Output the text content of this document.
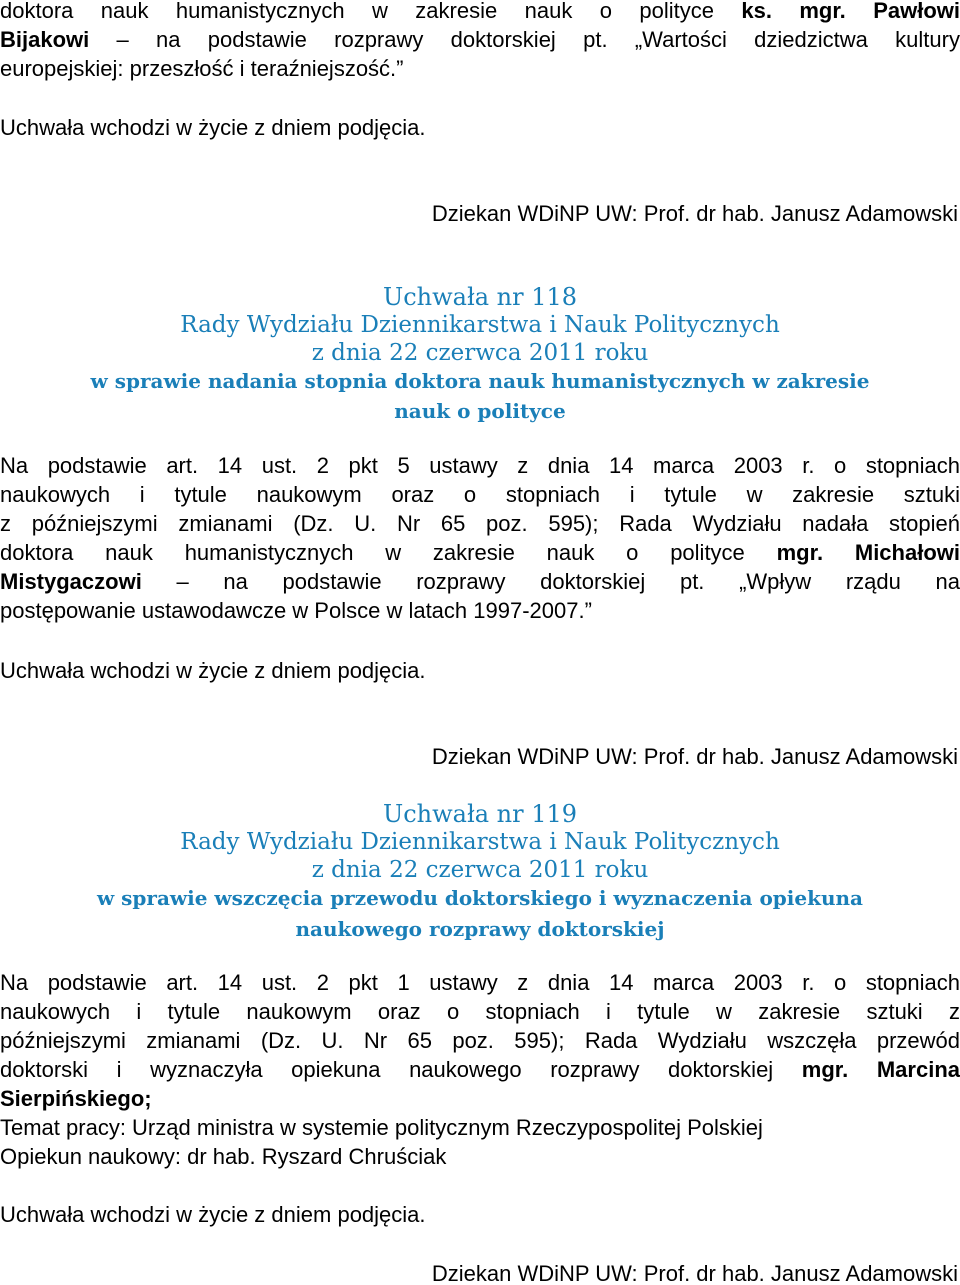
doktora nauk humanistycznych w zakresie nauk o polityce ks. mgr. Pawłowi
Bijakowi – na podstawie rozprawy doktorskiej pt. „Wartości dziedzictwa kultury
europejskiej: przeszłość i teraźniejszość.”
Uchwała wchodzi w życie z dniem podjęcia.
Dziekan WDiNP UW: Prof. dr hab. Janusz Adamowski
Uchwała nr 118
Rady Wydziału Dziennikarstwa i Nauk Politycznych
z dnia 22 czerwca 2011 roku
w sprawie nadania stopnia doktora nauk humanistycznych w zakresie
nauk o polityce
Na podstawie art. 14 ust. 2 pkt 5 ustawy z dnia 14 marca 2003 r. o stopniach
naukowych i tytule naukowym oraz o stopniach i tytule w zakresie sztuki
z późniejszymi zmianami (Dz. U. Nr 65 poz. 595); Rada Wydziału nadała stopień
doktora nauk humanistycznych w zakresie nauk o polityce mgr. Michałowi
Mistygaczowi – na podstawie rozprawy doktorskiej pt. „Wpływ rządu na
postępowanie ustawodawcze w Polsce w latach 1997-2007.”
Uchwała wchodzi w życie z dniem podjęcia.
Dziekan WDiNP UW: Prof. dr hab. Janusz Adamowski
Uchwała nr 119
Rady Wydziału Dziennikarstwa i Nauk Politycznych
z dnia 22 czerwca 2011 roku
w sprawie wszczęcia przewodu doktorskiego i wyznaczenia opiekuna
naukowego rozprawy doktorskiej
Na podstawie art. 14 ust. 2 pkt 1 ustawy z dnia 14 marca 2003 r. o stopniach
naukowych i tytule naukowym oraz o stopniach i tytule w zakresie sztuki z
późniejszymi zmianami (Dz. U. Nr 65 poz. 595); Rada Wydziału wszczęła przewód
doktorski i wyznaczyła opiekuna naukowego rozprawy doktorskiej mgr. Marcina
Sierpińskiego;
Temat pracy: Urząd ministra w systemie politycznym Rzeczypospolitej Polskiej
Opiekun naukowy: dr hab. Ryszard Chruściak
Uchwała wchodzi w życie z dniem podjęcia.
Dziekan WDiNP UW: Prof. dr hab. Janusz Adamowski
